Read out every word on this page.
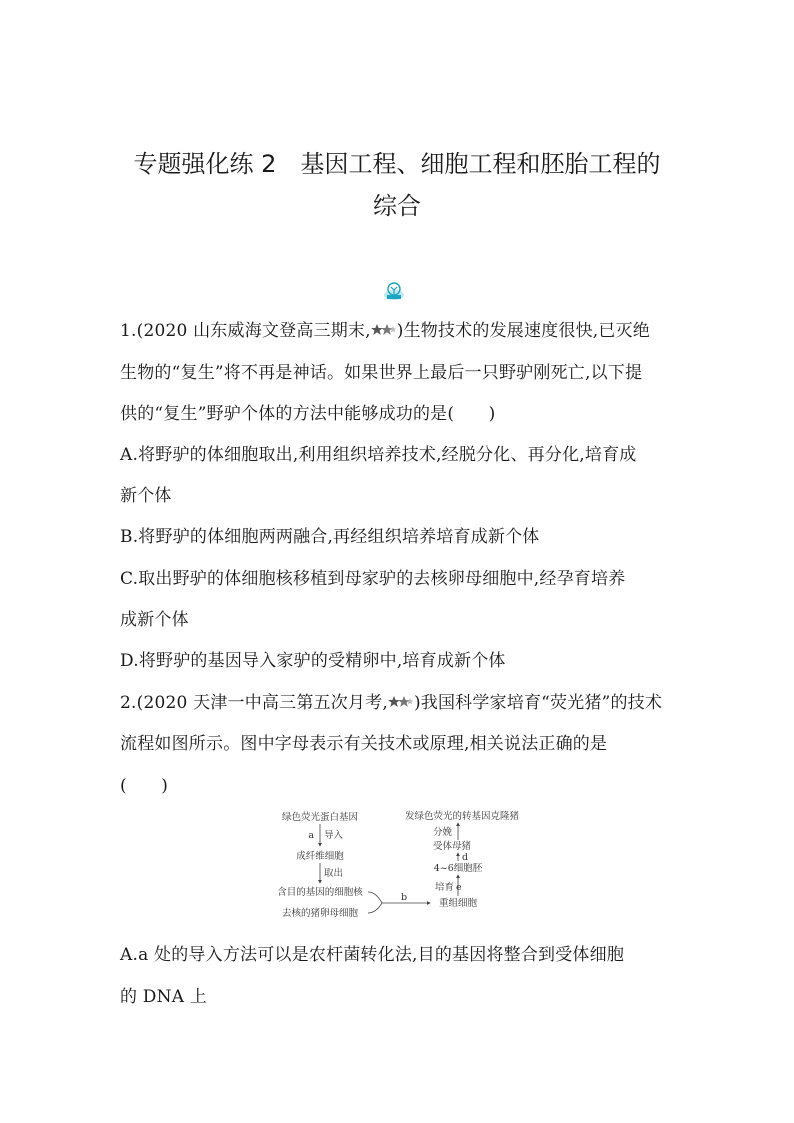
专题强化练 2　基因工程、细胞工程和胚胎工程的
综合
1.(2020 山东威海文登高三期末, )生物技术的发展速度很快,已灭绝
生物的“复生”将不再是神话。如果世界上最后一只野驴刚死亡,以下提
供的“复生”野驴个体的方法中能够成功的是(　　)
A.将野驴的体细胞取出,利用组织培养技术,经脱分化、再分化,培育成
新个体
B.将野驴的体细胞两两融合,再经组织培养培育成新个体
C.取出野驴的体细胞核移植到母家驴的去核卵母细胞中,经孕育培养
成新个体
D.将野驴的基因导入家驴的受精卵中,培育成新个体
2.(2020 天津一中高三第五次月考, )我国科学家培育“荧光猪”的技术
流程如图所示。图中字母表示有关技术或原理,相关说法正确的是
(　　)
绿色荧光蛋白基因
a 导入
成纤维细胞
取出
含目的基因的细胞核
去核的猪卵母细胞
b
重组细胞
培育 e
4~6细胞胚
d
受体母猪
分娩
发绿色荧光的转基因克隆猪
A.a 处的导入方法可以是农杆菌转化法,目的基因将整合到受体细胞
的 DNA 上
